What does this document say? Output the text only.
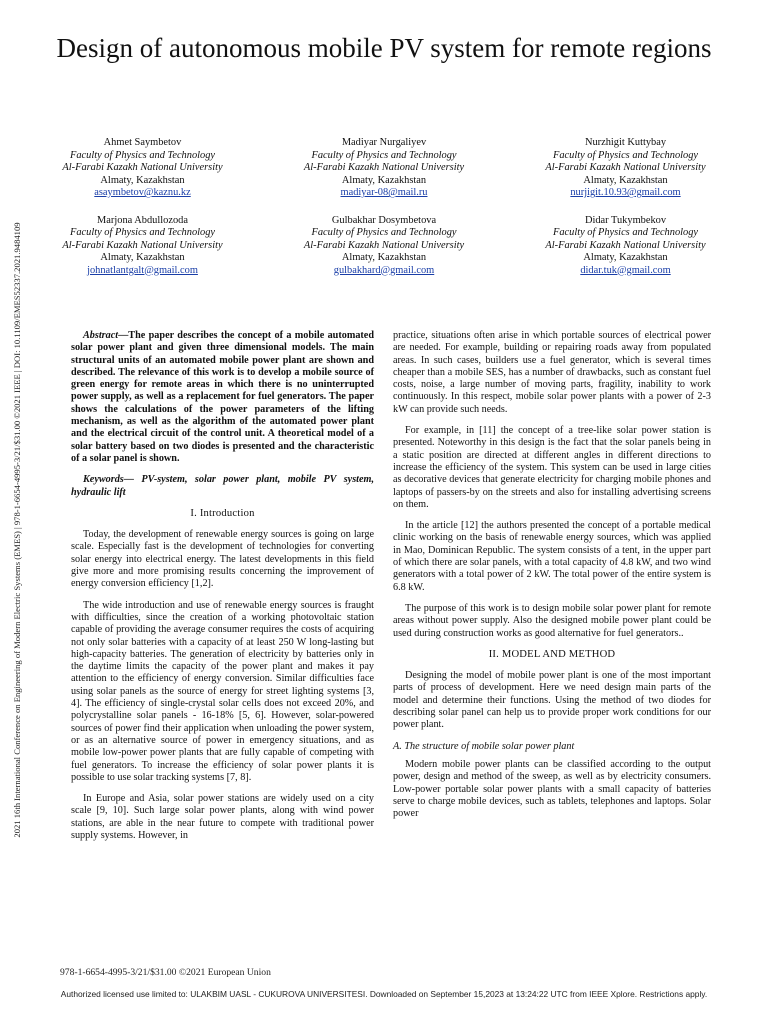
2021 16th International Conference on Engineering of Modern Electric Systems (EMES) | 978-1-6654-4995-3/21/$31.00 ©2021 IEEE | DOI: 10.1109/EMES52337.2021.9484109
Design of autonomous mobile PV system for remote regions
Ahmet Saymbetov
Faculty of Physics and Technology
Al-Farabi Kazakh National University
Almaty, Kazakhstan
asaymbetov@kaznu.kz
Madiyar Nurgaliyev
Faculty of Physics and Technology
Al-Farabi Kazakh National University
Almaty, Kazakhstan
madiyar-08@mail.ru
Nurzhigit Kuttybay
Faculty of Physics and Technology
Al-Farabi Kazakh National University
Almaty, Kazakhstan
nurjigit.10.93@gmail.com
Marjona Abdullozoda
Faculty of Physics and Technology
Al-Farabi Kazakh National University
Almaty, Kazakhstan
johnatlantgalt@gmail.com
Gulbakhar Dosymbetova
Faculty of Physics and Technology
Al-Farabi Kazakh National University
Almaty, Kazakhstan
gulbakhard@gmail.com
Didar Tukymbekov
Faculty of Physics and Technology
Al-Farabi Kazakh National University
Almaty, Kazakhstan
didar.tuk@gmail.com

Abstract—The paper describes the concept of a mobile automated solar power plant and given three dimensional models. The main structural units of an automated mobile power plant are shown and described. The relevance of this work is to develop a mobile source of green energy for remote areas in which there is no uninterrupted power supply, as well as a replacement for fuel generators. The paper shows the calculations of the power parameters of the lifting mechanism, as well as the algorithm of the automated power plant and the electrical circuit of the control unit. A theoretical model of a solar battery based on two diodes is presented and the characteristic of a solar panel is shown.

Keywords— PV-system, solar power plant, mobile PV system, hydraulic lift

I. Introduction

Today, the development of renewable energy sources is going on large scale. Especially fast is the development of technologies for converting solar energy into electrical energy. The latest developments in this field give more and more promising results concerning the improvement of energy conversion efficiency [1,2].

The wide introduction and use of renewable energy sources is fraught with difficulties, since the creation of a working photovoltaic station capable of providing the average consumer requires the costs of acquiring not only solar batteries with a capacity of at least 250 W long-lasting but high-capacity batteries. The generation of electricity by batteries only in the daytime limits the capacity of the power plant and makes it pay attention to the efficiency of energy conversion. Similar difficulties face using solar panels as the source of energy for street lighting systems [3, 4]. The efficiency of single-crystal solar cells does not exceed 20%, and polycrystalline solar panels - 16-18% [5, 6]. However, solar-powered sources of power find their application when unloading the power system, or as an alternative source of power in emergency situations, and as mobile low-power power plants that are fully capable of competing with fuel generators. To increase the efficiency of solar power plants it is possible to use solar tracking systems [7, 8].

In Europe and Asia, solar power stations are widely used on a city scale [9, 10]. Such large solar power plants, along with wind power stations, are able in the near future to compete with traditional power supply systems. However, in

practice, situations often arise in which portable sources of electrical power are needed. For example, building or repairing roads away from populated areas. In such cases, builders use a fuel generator, which is several times cheaper than a mobile SES, has a number of drawbacks, such as constant fuel costs, noise, a large number of moving parts, fragility, inability to work continuously. In this respect, mobile solar power plants with a power of 2-3 kW can provide such needs.

For example, in [11] the concept of a tree-like solar power station is presented. Noteworthy in this design is the fact that the solar panels being in a static position are directed at different angles in different directions to increase the efficiency of the system. This system can be used in large cities as decorative devices that generate electricity for charging mobile phones and laptops of passers-by on the streets and also for installing advertising screens on them.

In the article [12] the authors presented the concept of a portable medical clinic working on the basis of renewable energy sources, which was applied in Mao, Dominican Republic. The system consists of a tent, in the upper part of which there are solar panels, with a total capacity of 4.8 kW, and two wind generators with a total power of 2 kW. The total power of the entire system is 6.8 kW.

The purpose of this work is to design mobile solar power plant for remote areas without power supply. Also the designed mobile power plant could be used during construction works as good alternative for fuel generators..

II. MODEL AND METHOD

Designing the model of mobile power plant is one of the most important parts of process of development. Here we need design main parts of the model and determine their functions. Using the method of two diodes for describing solar panel can help us to provide proper work conditions for our power plant.

A. The structure of mobile solar power plant

Modern mobile power plants can be classified according to the output power, design and method of the sweep, as well as by electricity consumers. Low-power portable solar power plants with a small capacity of batteries serve to charge mobile devices, such as tablets, telephones and laptops. Solar power

978-1-6654-4995-3/21/$31.00 ©2021 European Union
Authorized licensed use limited to: ULAKBIM UASL - CUKUROVA UNIVERSITESI. Downloaded on September 15,2023 at 13:24:22 UTC from IEEE Xplore. Restrictions apply.
